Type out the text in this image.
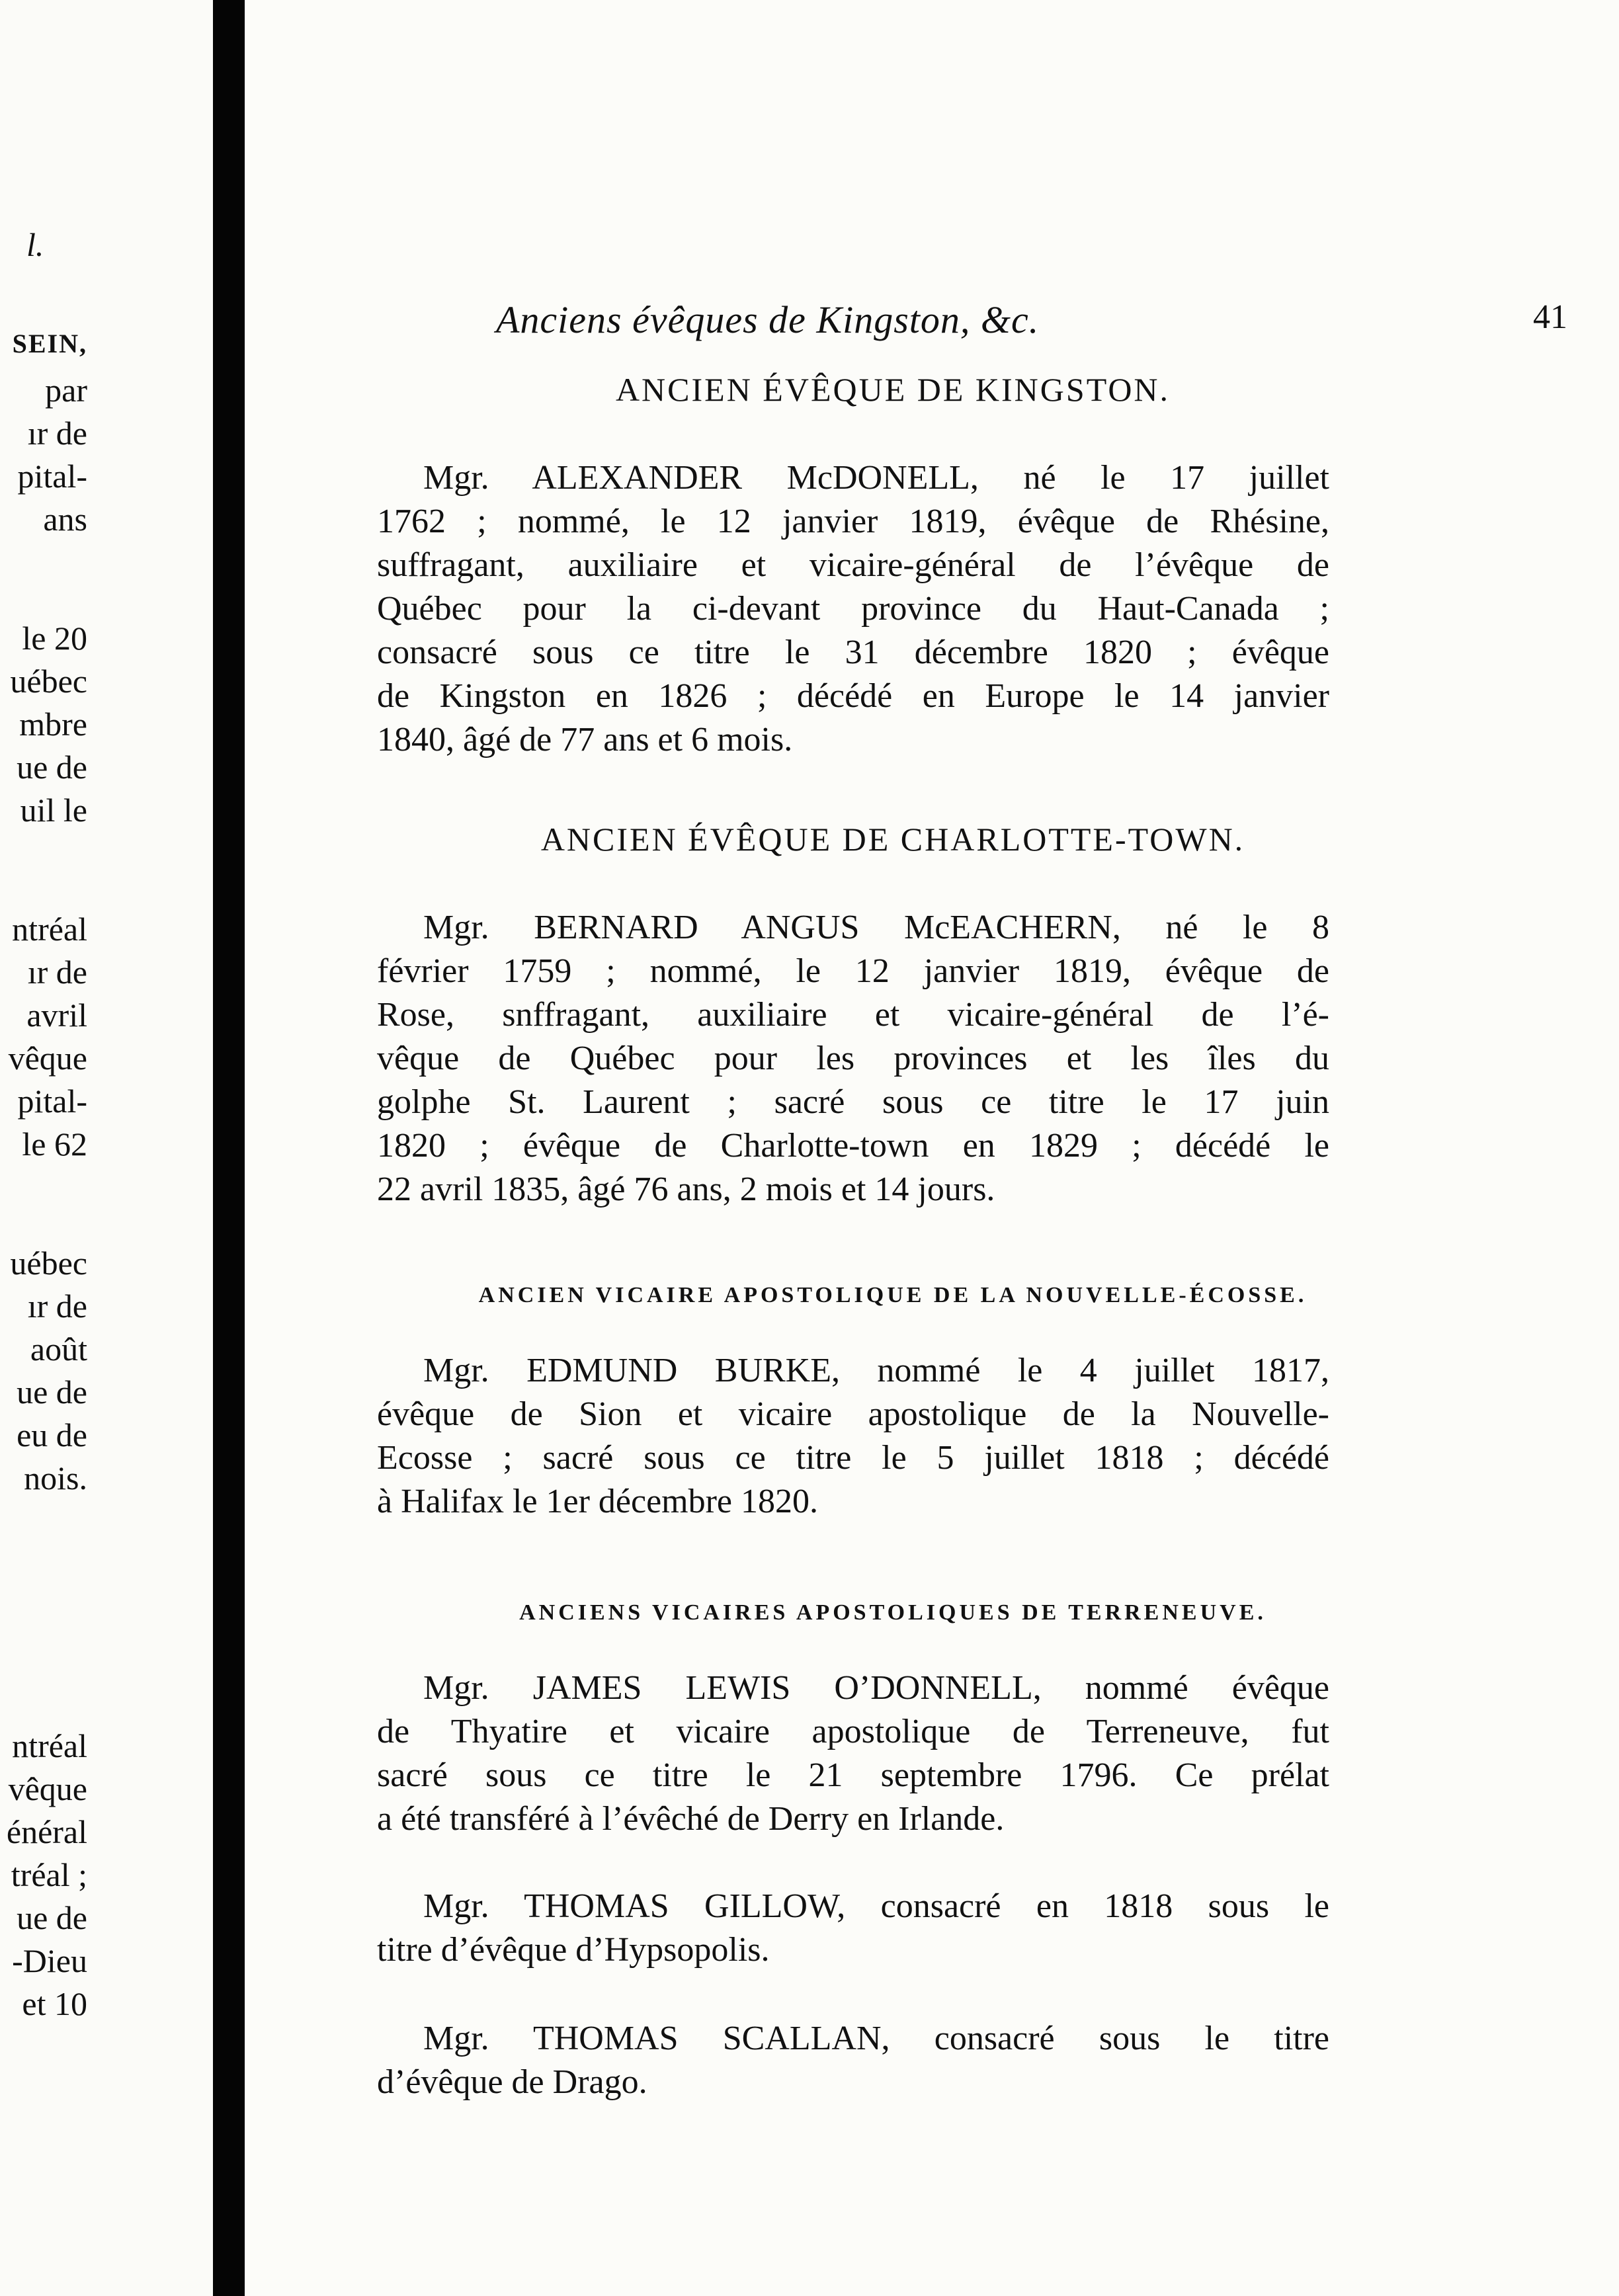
l.
SEIN,
par
ır de
pital-
ans
le 20
uébec
mbre
ue de
uil le
ntréal
ır de
avril
vêque
pital-
le 62
uébec
ır de
août
ue de
eu de
nois.
ntréal
vêque
énéral
tréal ;
ue de
-Dieu
et 10
Anciens évêques de Kingston, &c.	41
ANCIEN ÉVÊQUE DE KINGSTON.
Mgr. ALEXANDER McDONELL, né le 17 juillet
1762 ; nommé, le 12 janvier 1819, évêque de Rhésine,
suffragant, auxiliaire et vicaire-général de l’évêque de
Québec pour la ci-devant province du Haut-Canada ;
consacré sous ce titre le 31 décembre 1820 ; évêque
de Kingston en 1826 ; décédé en Europe le 14 janvier
1840, âgé de 77 ans et 6 mois.
ANCIEN ÉVÊQUE DE CHARLOTTE-TOWN.
Mgr. BERNARD ANGUS McEACHERN, né le 8
février 1759 ; nommé, le 12 janvier 1819, évêque de
Rose, snffragant, auxiliaire et vicaire-général de l’é-
vêque de Québec pour les provinces et les îles du
golphe St. Laurent ; sacré sous ce titre le 17 juin
1820 ; évêque de Charlotte-town en 1829 ; décédé le
22 avril 1835, âgé 76 ans, 2 mois et 14 jours.
ANCIEN VICAIRE APOSTOLIQUE DE LA NOUVELLE-ÉCOSSE.
Mgr. EDMUND BURKE, nommé le 4 juillet 1817,
évêque de Sion et vicaire apostolique de la Nouvelle-
Ecosse ; sacré sous ce titre le 5 juillet 1818 ; décédé
à Halifax le 1er décembre 1820.
ANCIENS VICAIRES APOSTOLIQUES DE TERRENEUVE.
Mgr. JAMES LEWIS O’DONNELL, nommé évêque
de Thyatire et vicaire apostolique de Terreneuve, fut
sacré sous ce titre le 21 septembre 1796. Ce prélat
a été transféré à l’évêché de Derry en Irlande.
Mgr. THOMAS GILLOW, consacré en 1818 sous le
titre d’évêque d’Hypsopolis.
Mgr. THOMAS SCALLAN, consacré sous le titre
d’évêque de Drago.
